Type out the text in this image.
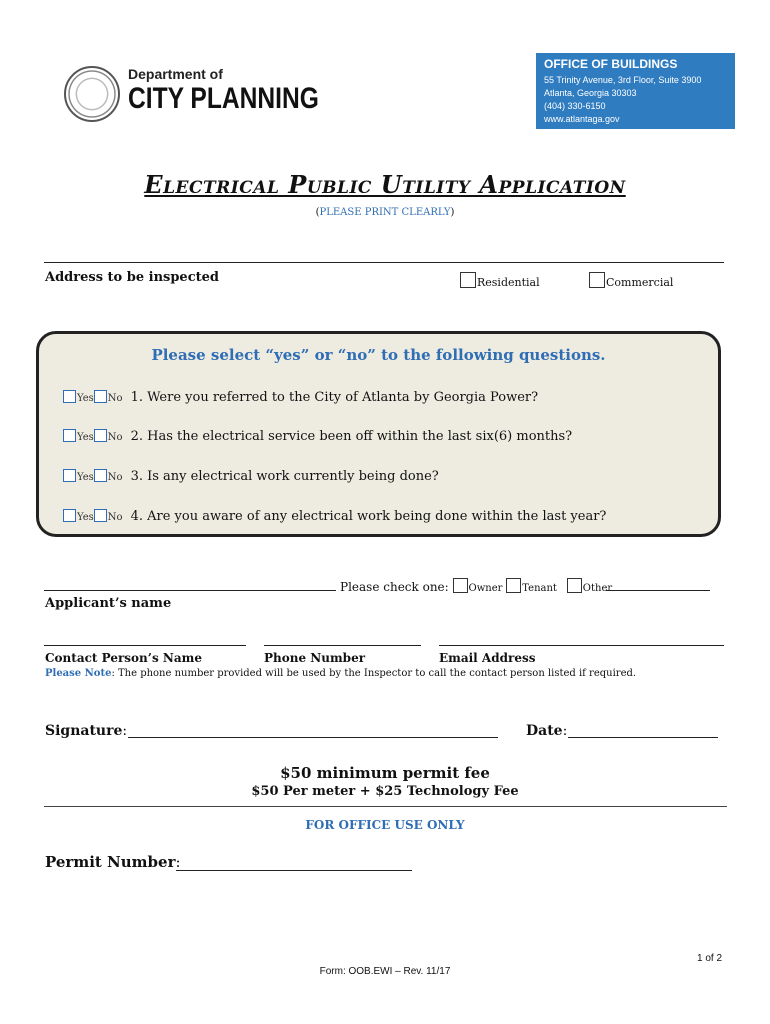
Department of
CITY PLANNING
OFFICE OF BUILDINGS
55 Trinity Avenue, 3rd Floor, Suite 3900
Atlanta, Georgia 30303
(404) 330-6150
www.atlantaga.gov
Electrical Public Utility Application
(PLEASE PRINT CLEARLY)
Address to be inspected	Residential	Commercial
Please select “yes” or “no” to the following questions.
Yes No 1. Were you referred to the City of Atlanta by Georgia Power?
Yes No 2. Has the electrical service been off within the last six(6) months?
Yes No 3. Is any electrical work currently being done?
Yes No 4. Are you aware of any electrical work being done within the last year?
Please check one: Owner Tenant	Other
Applicant’s name
Contact Person’s Name	Phone Number	Email Address
Please Note: The phone number provided will be used by the Inspector to call the contact person listed if required.
Signature:	Date:
$50 minimum permit fee
$50 Per meter + $25 Technology Fee
FOR OFFICE USE ONLY
Permit Number:
1 of 2
Form: OOB.EWI – Rev. 11/17
